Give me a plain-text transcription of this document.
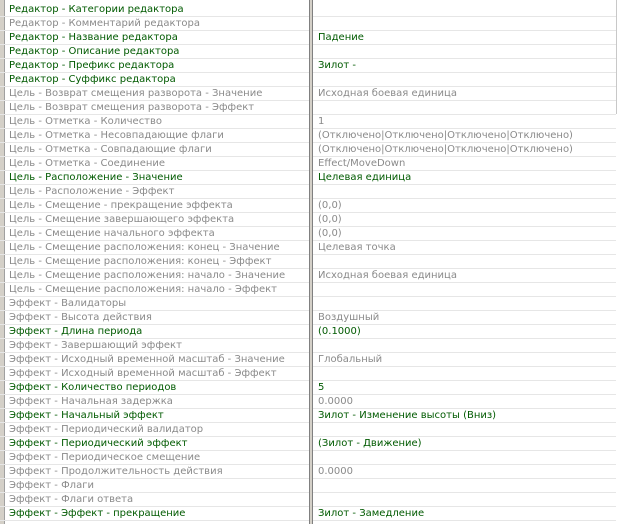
Редактор - Категории редактора
Редактор - Комментарий редактора
Редактор - Название редактора	Падение
Редактор - Описание редактора
Редактор - Префикс редактора	Зилот -
Редактор - Суффикс редактора
Цель - Возврат смещения разворота - Значение	Исходная боевая единица
Цель - Возврат смещения разворота - Эффект
Цель - Отметка - Количество	1
Цель - Отметка - Несовпадающие флаги	(Отключено|Отключено|Отключено|Отключено)
Цель - Отметка - Совпадающие флаги	(Отключено|Отключено|Отключено|Отключено)
Цель - Отметка - Соединение	Effect/MoveDown
Цель - Расположение - Значение	Целевая единица
Цель - Расположение - Эффект
Цель - Смещение - прекращение эффекта	(0,0)
Цель - Смещение завершающего эффекта	(0,0)
Цель - Смещение начального эффекта	(0,0)
Цель - Смещение расположения: конец - Значение	Целевая точка
Цель - Смещение расположения: конец - Эффект
Цель - Смещение расположения: начало - Значение	Исходная боевая единица
Цель - Смещение расположения: начало - Эффект
Эффект - Валидаторы
Эффект - Высота действия	Воздушный
Эффект - Длина периода	(0.1000)
Эффект - Завершающий эффект
Эффект - Исходный временной масштаб - Значение	Глобальный
Эффект - Исходный временной масштаб - Эффект
Эффект - Количество периодов	5
Эффект - Начальная задержка	0.0000
Эффект - Начальный эффект	Зилот - Изменение высоты (Вниз)
Эффект - Периодический валидатор
Эффект - Периодический эффект	(Зилот - Движение)
Эффект - Периодическое смещение
Эффект - Продолжительность действия	0.0000
Эффект - Флаги
Эффект - Флаги ответа
Эффект - Эффект - прекращение	Зилот - Замедление
